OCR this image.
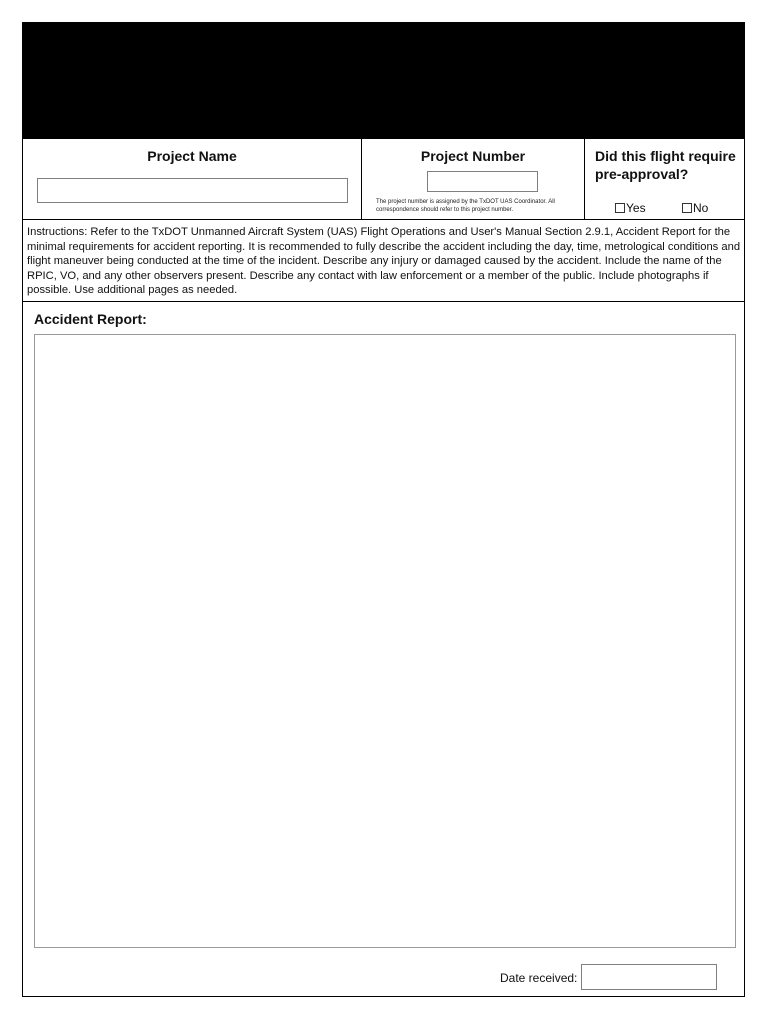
Project Name	Project Number
The project number is assigned by the TxDOT UAS Coordinator. All correspondence should refer to this project number.
Did this flight require pre-approval?
Yes	No
Instructions: Refer to the TxDOT Unmanned Aircraft System (UAS) Flight Operations and User's Manual Section 2.9.1, Accident Report for the minimal requirements for accident reporting. It is recommended to fully describe the accident including the day, time, metrological conditions and flight maneuver being conducted at the time of the incident. Describe any injury or damaged caused by the accident. Include the name of the RPIC, VO, and any other observers present. Describe any contact with law enforcement or a member of the public. Include photographs if possible. Use additional pages as needed.
Accident Report:
Date received:
